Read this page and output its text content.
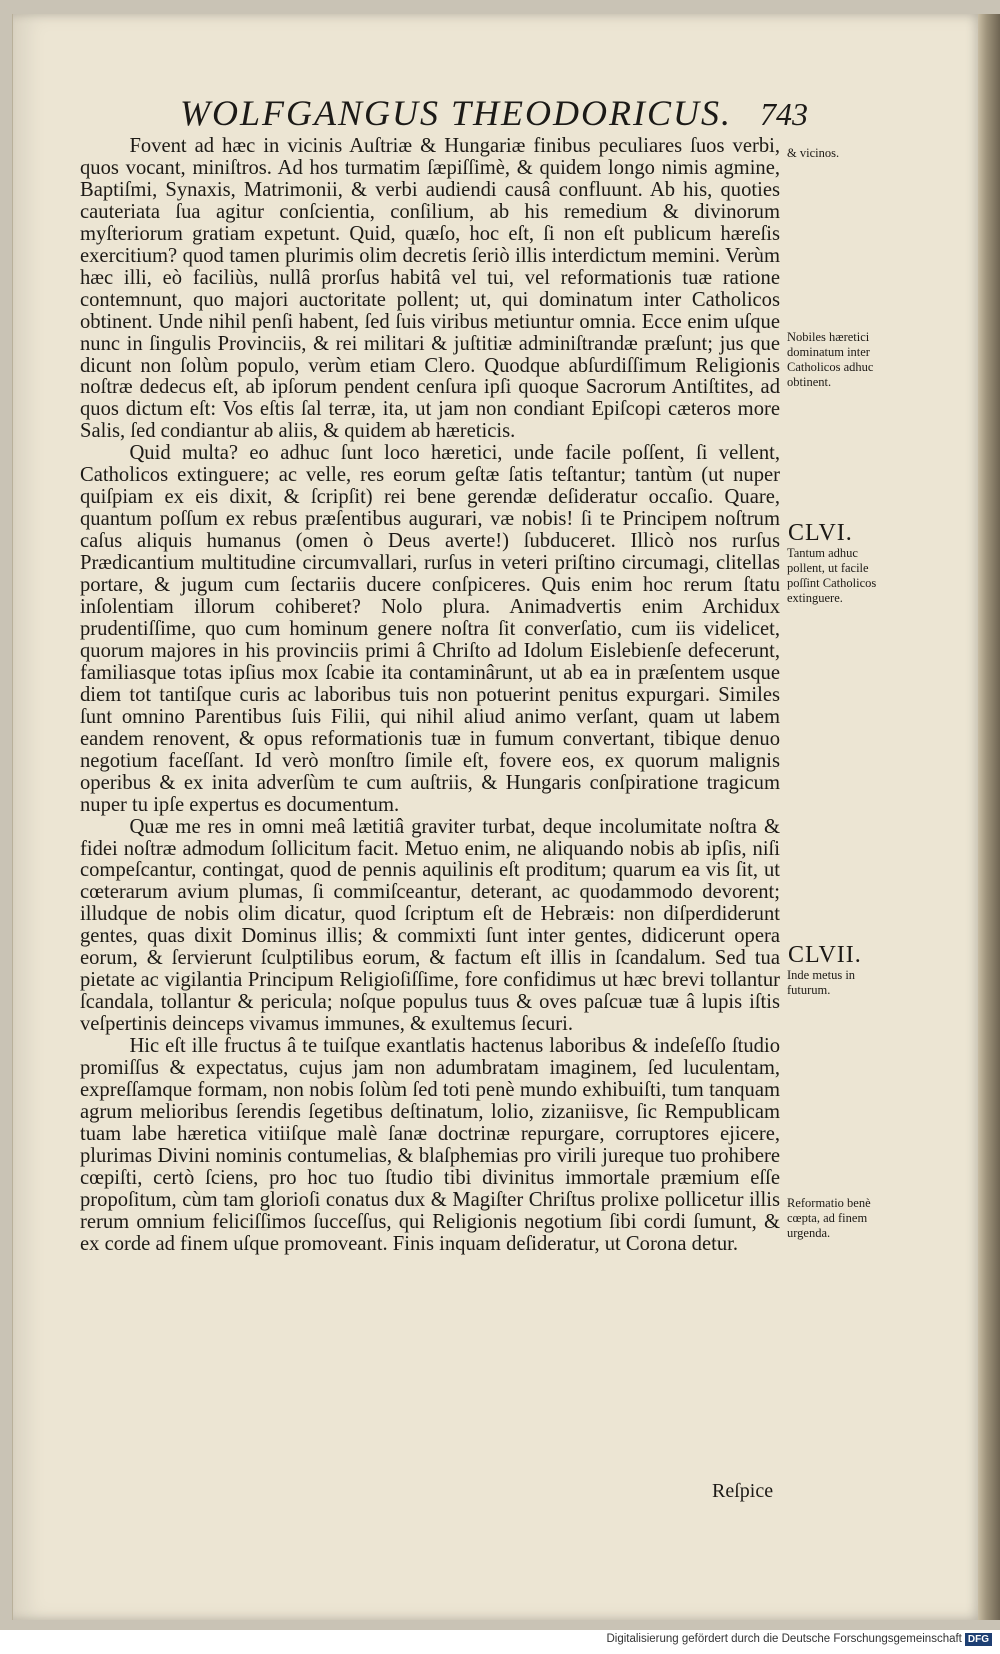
WOLFGANGUS THEODORICUS. 743

Fovent ad hæc in vicinis Auſtriæ & Hungariæ finibus peculiares ſuos verbi, quos vocant, miniſtros. Ad hos turmatim ſæpiſſimè, & quidem longo nimis agmine, Baptiſmi, Synaxis, Matrimonii, & verbi audiendi causâ confluunt. Ab his, quoties cauteriata ſua agitur conſcientia, conſilium, ab his remedium & divinorum myſteriorum gratiam expetunt. Quid, quæſo, hoc eſt, ſi non eſt publicum hæreſis exercitium? quod tamen plurimis olim decretis ſeriò illis interdictum memini. Verùm hæc illi, eò faciliùs, nullâ prorſus habitâ vel tui, vel reformationis tuæ ratione contemnunt, quo majori auctoritate pollent; ut, qui dominatum inter Catholicos obtinent. Unde nihil penſi habent, ſed ſuis viribus metiuntur omnia. Ecce enim uſque nunc in ſingulis Provinciis, & rei militari & juſtitiæ adminiſtrandæ præſunt; jus que dicunt non ſolùm populo, verùm etiam Clero. Quodque abſurdiſſimum Religionis noſtræ dedecus eſt, ab ipſorum pendent cenſura ipſi quoque Sacrorum Antiſtites, ad quos dictum eſt: Vos eſtis ſal terræ, ita, ut jam non condiant Epiſcopi cæteros more Salis, ſed condiantur ab aliis, & quidem ab hæreticis.

Quid multa? eo adhuc ſunt loco hæretici, unde facile poſſent, ſi vellent, Catholicos extinguere; ac velle, res eorum geſtæ ſatis teſtantur; tantùm (ut nuper quiſpiam ex eis dixit, & ſcripſit) rei bene gerendæ deſideratur occaſio. Quare, quantum poſſum ex rebus præſentibus augurari, væ nobis! ſi te Principem noſtrum caſus aliquis humanus (omen ò Deus averte!) ſubduceret. Illicò nos rurſus Prædicantium multitudine circumvallari, rurſus in veteri priſtino circumagi, clitellas portare, & jugum cum ſectariis ducere conſpiceres. Quis enim hoc rerum ſtatu inſolentiam illorum cohiberet? Nolo plura. Animadvertis enim Archidux prudentiſſime, quo cum hominum genere noſtra ſit converſatio, cum iis videlicet, quorum majores in his provinciis primi â Chriſto ad Idolum Eisleb‍ienſe defecerunt, familiasque totas ipſius mox ſcabie ita contaminârunt, ut ab ea in præſentem usque diem tot tantiſque curis ac laboribus tuis non potuerint penitus expurgari. Similes ſunt omnino Parentibus ſuis Filii, qui nihil aliud animo verſant, quam ut labem eandem renovent, & opus reformationis tuæ in fumum convertant, tibique denuo negotium faceſſant. Id verò monſtro ſimile eſt, fovere eos, ex quorum malignis operibus & ex inita adverſùm te cum auſtriis, & Hungaris conſpiratione tragicum nuper tu ipſe expertus es documentum.

Quæ me res in omni meâ lætitiâ graviter turbat, deque incolumitate noſtra & fidei noſtræ admodum ſollicitum facit. Metuo enim, ne aliquando nobis ab ipſis, niſi compeſcantur, contingat, quod de pennis aquilinis eſt proditum; quarum ea vis ſit, ut cœterarum avium plumas, ſi commiſceantur, deterant, ac quodammodo devorent; illudque de nobis olim dicatur, quod ſcriptum eſt de Hebræis: non diſperdiderunt gentes, quas dixit Dominus illis; & commixti ſunt inter gentes, didicerunt opera eorum, & ſervierunt ſculptilibus eorum, & factum eſt illis in ſcandalum. Sed tua pietate ac vigilantia Principum Religioſiſſime, fore confidimus ut hæc brevi tollantur ſcandala, tollantur & pericula; noſque populus tuus & oves paſcuæ tuæ â lupis iſtis veſpertinis deinceps vivamus immunes, & exultemus ſecuri.

Hic eſt ille fructus â te tuiſque exantlatis hactenus laboribus & indeſeſſo ſtudio promiſſus & expectatus, cujus jam non adumbratam imaginem, ſed luculentam, expreſſamque formam, non nobis ſolùm ſed toti penè mundo exhibuiſti, tum tanquam agrum melioribus ſerendis ſegetibus deſtinatum, lolio, zizaniisve, ſic Rempublicam tuam labe hæretica vitiiſque malè ſanæ doctrinæ repurgare, corruptores ejicere, plurimas Divini nominis contumelias, & blaſphemias pro virili jureque tuo prohibere cœpiſti, certò ſciens, pro hoc tuo ſtudio tibi divinitus immortale præmium eſſe propoſitum, cùm tam glorioſi conatus dux & Magiſter Chriſtus prolixe pollicetur illis rerum omnium feliciſſimos ſucceſſus, qui Religionis negotium ſibi cordi ſumunt, & ex corde ad finem uſque promoveant. Finis inquam deſideratur, ut Corona detur.

& vicinos.
Nobiles hæretici dominatum inter Catholicos adhuc obtinent.
CLVI.
Tantum adhuc pollent, ut facile poſſint Catholicos extinguere.
CLVII.
Inde metus in futurum.
Reformatio benè cœpta, ad finem urgenda.
Reſpice
Digitalisierung gefördert durch die Deutsche Forschungsgemeinschaft DFG
